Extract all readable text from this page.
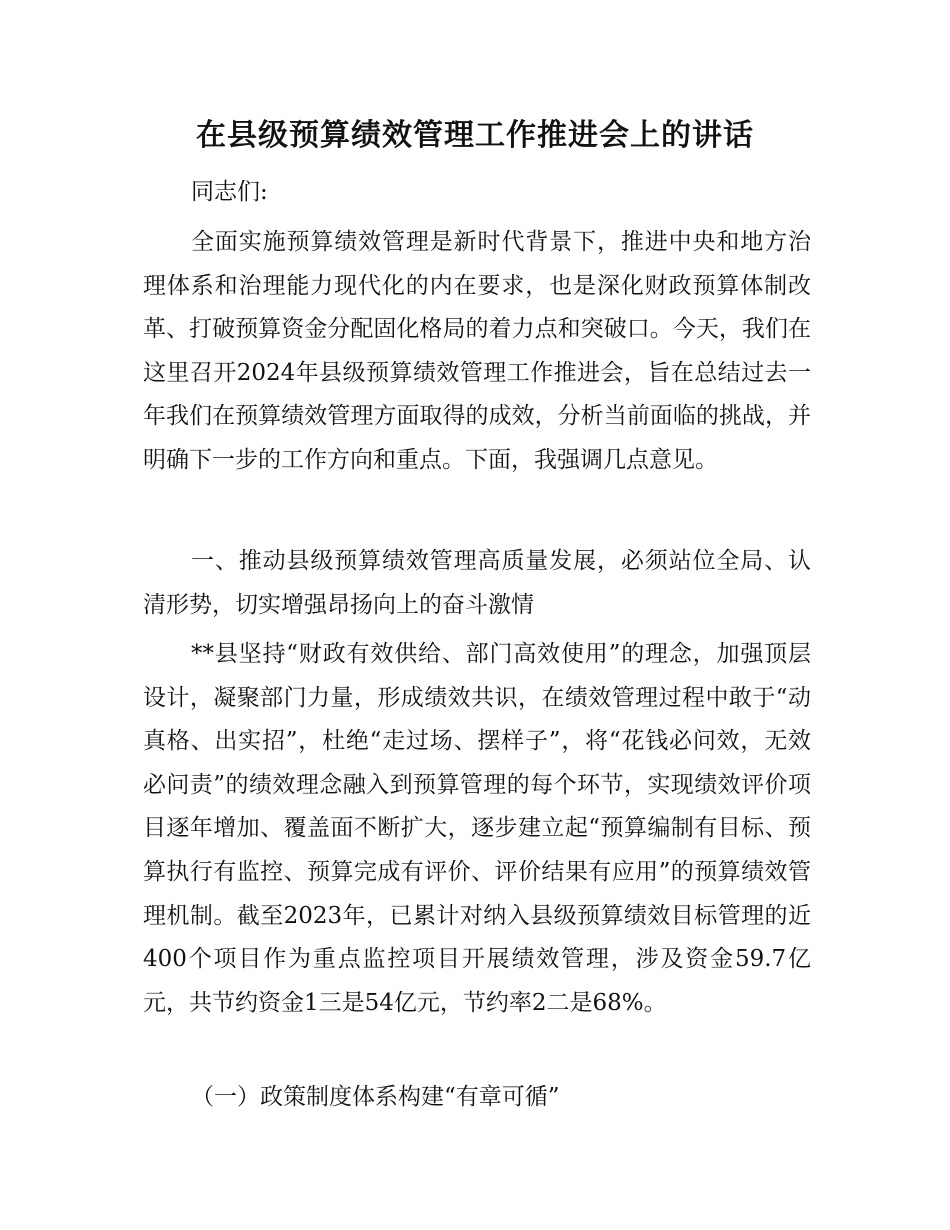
在县级预算绩效管理工作推进会上的讲话

同志们:

全面实施预算绩效管理是新时代背景下，推进中央和地方治理体系和治理能力现代化的内在要求，也是深化财政预算体制改革、打破预算资金分配固化格局的着力点和突破口。今天，我们在这里召开2024年县级预算绩效管理工作推进会，旨在总结过去一年我们在预算绩效管理方面取得的成效，分析当前面临的挑战，并明确下一步的工作方向和重点。下面，我强调几点意见。

一、推动县级预算绩效管理高质量发展，必须站位全局、认清形势，切实增强昂扬向上的奋斗激情

**县坚持“财政有效供给、部门高效使用”的理念，加强顶层设计，凝聚部门力量，形成绩效共识，在绩效管理过程中敢于“动真格、出实招”，杜绝“走过场、摆样子”，将“花钱必问效，无效必问责”的绩效理念融入到预算管理的每个环节，实现绩效评价项目逐年增加、覆盖面不断扩大，逐步建立起“预算编制有目标、预算执行有监控、预算完成有评价、评价结果有应用”的预算绩效管理机制。截至2023年，已累计对纳入县级预算绩效目标管理的近400个项目作为重点监控项目开展绩效管理，涉及资金59.7亿元，共节约资金1三是54亿元，节约率2二是68%。

（一）政策制度体系构建“有章可循”
